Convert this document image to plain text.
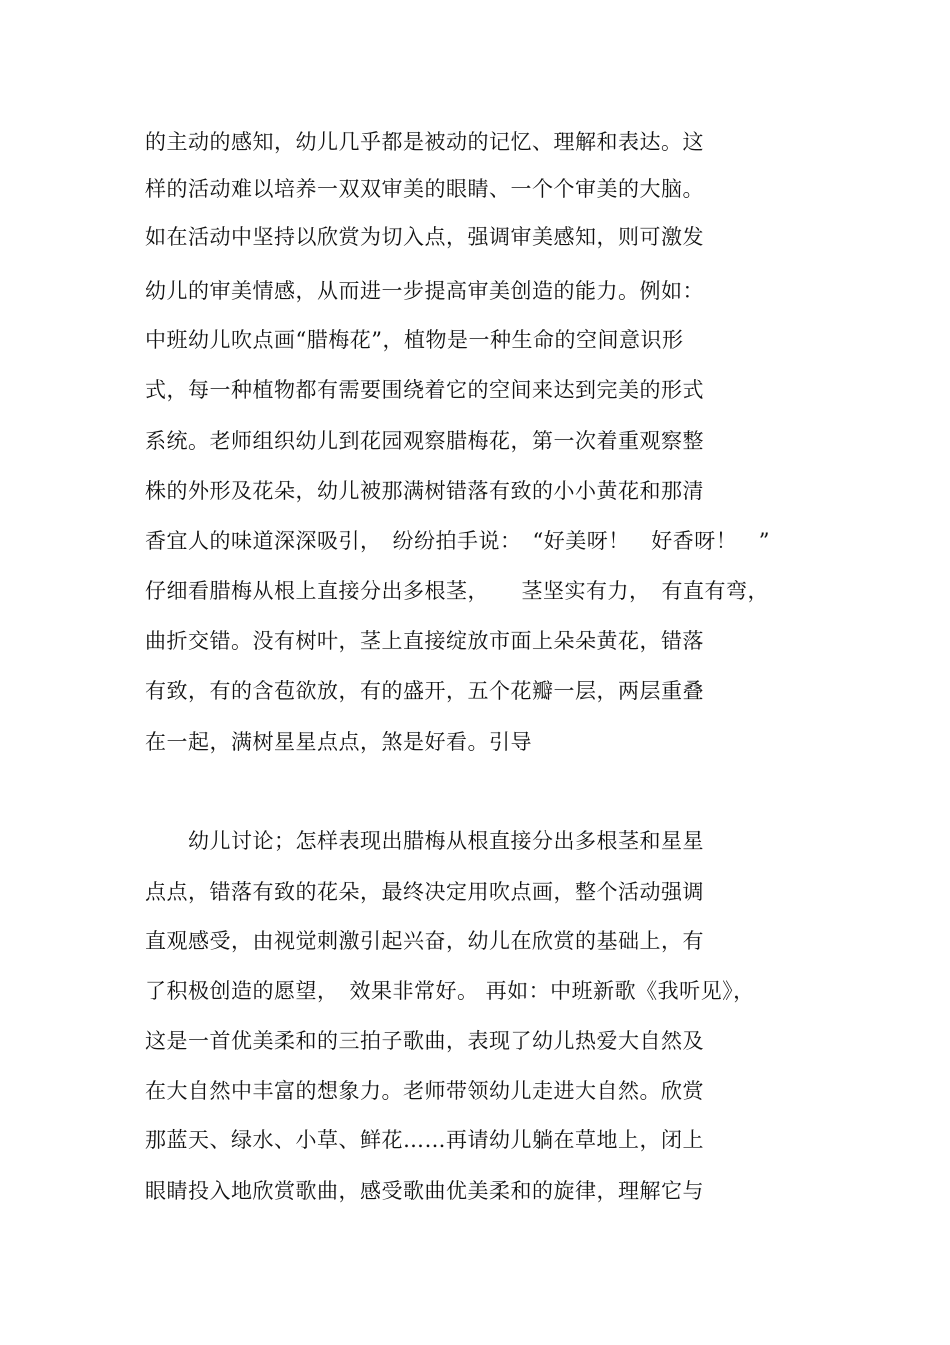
的主动的感知，幼儿几乎都是被动的记忆、理解和表达。这
样的活动难以培养一双双审美的眼睛、一个个审美的大脑。
如在活动中坚持以欣赏为切入点，强调审美感知，则可激发
幼儿的审美情感，从而进一步提高审美创造的能力。例如：
中班幼儿吹点画“腊梅花”，植物是一种生命的空间意识形
式，每一种植物都有需要围绕着它的空间来达到完美的形式
系统。老师组织幼儿到花园观察腊梅花，第一次着重观察整
株的外形及花朵，幼儿被那满树错落有致的小小黄花和那清
香宜人的味道深深吸引，　纷纷拍手说：　“好美呀！　好香呀！　”
仔细看腊梅从根上直接分出多根茎，　　茎坚实有力，　有直有弯，
曲折交错。没有树叶，茎上直接绽放市面上朵朵黄花，错落
有致，有的含苞欲放，有的盛开，五个花瓣一层，两层重叠
在一起，满树星星点点，煞是好看。引导
　　幼儿讨论；怎样表现出腊梅从根直接分出多根茎和星星
点点，错落有致的花朵，最终决定用吹点画，整个活动强调
直观感受，由视觉刺激引起兴奋，幼儿在欣赏的基础上，有
了积极创造的愿望，　效果非常好。 再如：中班新歌《我听见》，
这是一首优美柔和的三拍子歌曲，表现了幼儿热爱大自然及
在大自然中丰富的想象力。老师带领幼儿走进大自然。欣赏
那蓝天、绿水、小草、鲜花……再请幼儿躺在草地上，闭上
眼睛投入地欣赏歌曲，感受歌曲优美柔和的旋律，理解它与
